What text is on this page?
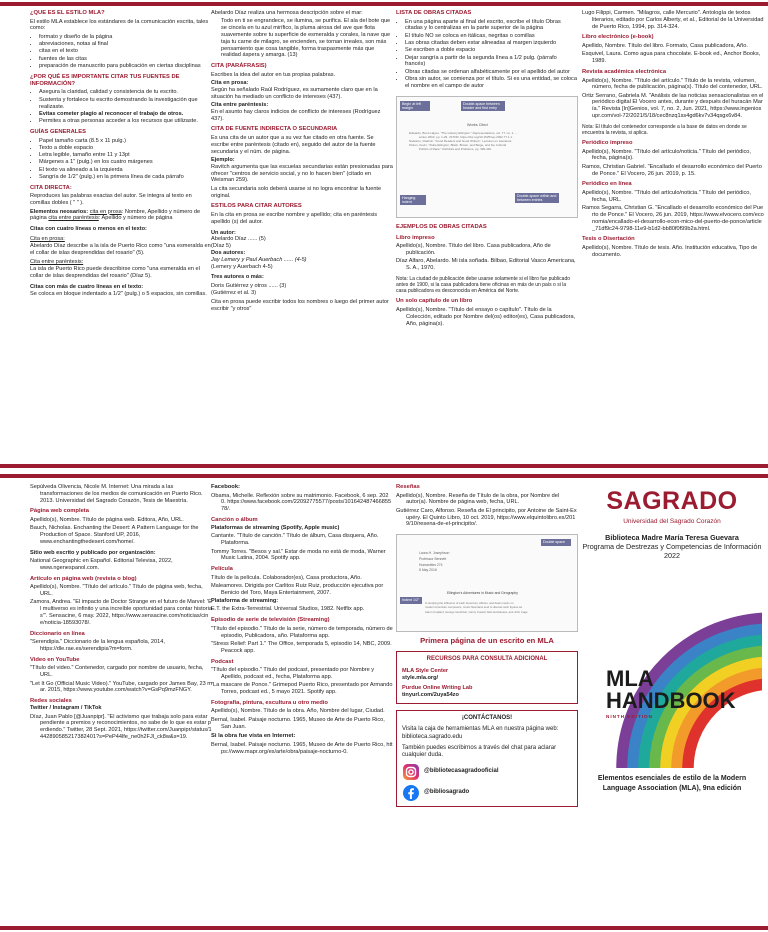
¿QUÉ ES EL ESTILO MLA?

El estilo MLA establece los estándares de la comunicación escrita, tales como:

• formato y diseño de la página
• abreviaciones, notas al final
• citas en el texto
• fuentes de las citas
• preparación de manuscrito para publicación en ciertas disciplinas
¿POR QUÉ ES IMPORTANTE CITAR TUS FUENTES DE INFORMACIÓN?
• Asegura la claridad, calidad y consistencia de tu escrito.
• Sustenta y fortalece tu escrito demostrando la investigación que realizaste.
• Evitas cometer plagio al reconocer el trabajo de otros.
• Permites a otras personas acceder a los recursos que utilizaste.
GUÍAS GENERALES
• Papel tamaño carta (8.5 x 11 pulg.)
• Texto a doble espacio
• Letra legible, tamaño entre 11 y 13pt
• Márgenes a 1" (pulg.) en los cuatro márgenes
• El texto va alineado a la izquierda
• Sangría de 1/2" (pulg.) en la primera línea de cada párrafo
CITA DIRECTA:

Reproduces las palabras exactas del autor. Se integra al texto en comillas dobles ( " " ).

Elementos neosarios: cita en prosa: Nombre, Apellido y número de página cita entre paréntesis: Apellido y número de página

Citas con cuatro líneas o menos en el texto:

Cita en prosa:

Abelardo Díaz describe a la isla de Puerto Rico como "una esmeralda en el collar de islas desprendidas del rosario" (5).

Cita entre paréntesis:

La isla de Puerto Rico puede describirse como "una esmeralda en el collar de islas desprendidas del rosario" (Díaz 5).

Citas con más de cuatro líneas en el texto:

Se coloca en bloque indentado a 1/2" (pulg.) o 5 espacios, sin comillas.

Abelardo Díaz realiza una hermosa descripción sobre el mar:

Todo en ti se engrandece, se ilumina, se purifica. El ala del bote que se cincela en tu azul mirífico, la pluma airosa del ave que flota suavemente sobre tu superficie de esmeralda y corales, la nave que taja tu carne de milagro, se encienden, se tornan irreales, son más pensamiento que cosa tangible, forma traspasmente más que realidad áspera y amarga. (13)

CITA (PARÁFRASIS)

Escribes la idea del autor en tus propias palabras.

Cita en prosa:

Según ha señalado Raúl Rodríguez, es sumamente claro que en la situación ha mediado un conflicto de intereses (437).

Cita entre paréntesis:

En el asunto hay claros indicios de conflicto de intereses (Rodríguez 437).

CITA DE FUENTE INDIRECTA O SECUNDARIA

Es una cita de un autor que a su vez fue citado en otra fuente. Se escribe entre paréntesis (citado en), seguido del autor de la fuente secundaria y el núm. de página.

Ejemplo:

Ravitch argumenta que las escuelas secundarias están presionadas para ofrecer "centros de servicio social, y no lo hacen bien" (citado en Weisman 259).

La cita secundaria solo deberá usarse si no logra encontrar la fuente original.

ESTILOS PARA CITAR AUTORES

En la cita en prosa se escribe nombre y apellido; cita en paréntesis apellido (s) del autor.

Un autor:

Abelardo Díaz ...... (5)

(Díaz 5)

Dos autores:

Jay Lemery y Paul Auerbach ...... (4-5)

(Lemery y Auerbach 4-5)

Tres autores o más:

Doris Gutiérrez y otros ...... (3)

(Gutiérrez et al. 3)

Cita en prosa puede escribir todos los nombres o luego del primer autor escribir "y otros"

LISTA DE OBRAS CITADAS
• En una página aparte al final del escrito, escribe el título Obras citadas y lo centralizas en la parte superior de la página
• El título NO se coloca en itálicas, negritas o comillas
• Las obras citadas deben estar alineadas al margen izquierdo
• Se escriben a doble espacio
• Dejar sangría a partir de la segunda línea a 1/2 pulg. (párrafo francés)
• Obras citadas se ordenan alfabéticamente por el apellido del autor
• Obra sin autor, se comienza por el título. Si es una entidad, se coloca el nombre en el campo de autor
Begin at left margin
Double-space between header and first entry
Works Cited
Edwards, Brent Hayes. "The Literary Ellington." Representations, vol. 77, no. 1, ...
winter 2002, pp. 1-29. JSTOR, https://doi.org/10.1525/rep.2002.77.1.1.
Nabokov, Vladimir. "Good Readers and Good Writers", Lectures on Literature
Petton, Kevin. "Duke Ellington, Black, Brown, and Beige, and the Cultural
Politics of Race." Rethinks and Problems, pp. 399-432.
Hanging indent
Double-space within and between entries
EJEMPLOS DE OBRAS CITADAS
Libro impreso

Apellido(s), Nombre. Título del libro. Casa publicadora, Año de publicación.

Díaz Alfaro, Abelardo. Mi isla soñada. Bilbao, Editorial Vasco Americana, S. A., 1970.

Nota: La ciudad de publicación debe usarse solamente si el libro fue publicado antes de 1900, si la casa publicadora tiene oficinas en más de un país o si la casa publicadora es desconocida en América del Norte.

Un solo capítulo de un libro

Apellido(s), Nombre. "Título del ensayo o capítulo". Título de la Colección, editado por Nombre del(os) editor(es), Casa publicadora, Año, página(s).

Lugo Filippi, Carmen. "Milagros, calle Mercurio". Antología de textos literarios, editado por Carlos Alberty, et al., Editorial de la Universidad de Puerto Rico, 1994, pp. 314-324.

Libro electrónico (e-book)

Apellido, Nombre. Título del libro. Formato, Casa publicadora, Año.

Esquivel, Laura. Como agua para chocolate. E-book ed., Anchor Books, 1989.

Revista académica electrónica

Apellido(s), Nombre. "Título del artículo." Título de la revista, volumen, número, fecha de publicación, página(s). Título del contenedor, URL.

Ortiz Serrano, Gabriela M. "Análisis de las noticias sensacionalistas en el periódico digital El Vocero antes, durante y después del huracán María." Revista [In]Genios, vol. 7, no. 2, Jun. 2021, https://www.ingeniosupr.com/vol-72/2021/5/18/cec8nzq1ss4gd6kv7v34qsgx6v84.

Nota: El título del contenedor corresponde a la base de datos en donde se encuentra la revista, si aplica.

Periódico impreso

Apellido(s), Nombre. "Título del artículo/noticia." Título del periódico, fecha, página(s).

Ramos, Christian Gabriel. "Encallado el desarrollo económico del Puerto de Ponce." El Vocero, 26 jun. 2019, p. 15.

Periódico en línea

Apellido(s), Nombre. "Título del artículo/noticia." Título del periódico, fecha, URL.

Ramos Segarra, Christian G. "Encallado el desarrollo económico del Puerto de Ponce." El Vocero, 26 jun. 2019, https://www.elvocero.com/economia/encallado-el-desarrollo-econ-mico-del-puerto-de-ponce/article_71df9c24-9798-11e9-b1d2-bb80f0f99b2a.html.

Tesis o Disertación

Apellido(s), Nombre. Título de tesis. Año. Institución educativa, Tipo de documento.

Sepúlveda Olivencia, Nicole M. Internet: Una mirada a las transformaciones de los medios de comunicación en Puerto Rico. 2013. Universidad del Sagrado Corazón, Tesis de Maestría.

Página web completa

Apellido(s), Nombre. Título de página web. Editora, Año, URL.

Bauch, Nicholas. Enchanting the Desert: A Pattern Language for the Production of Space. Stanford UP, 2016, www.enchantingthedesert.com/home/.

Sitio web escrito y publicado por organización:

National Geographic en Español. Editorial Televisa, 2022, www.ngenespanol.com.

Artículo en página web (revista o blog)

Apellido(s), Nombre. "Título del artículo." Título de página web, fecha, URL.

Zamora, Andrea. "El impacto de Doctor Strange en el futuro de Marvel: 'El multiverso es infinito y una increíble oportunidad para contar historias'". Sensacine, 6 may. 2022, https://www.sensacine.com/noticias/cine/noticia-18593078/.

Diccionario en línea

"Serendipia." Diccionario de la lengua española, 2014, https://dle.rae.es/serendipia?m=form.

Video en YouTube

"Título del video." Contenedor, cargado por nombre de usuario, fecha, URL.

"Let It Go (Official Music Video)." YouTube, cargado por James Bay, 23 mar. 2015, https://www.youtube.com/watch?v=GsPq9mzFNGY.

Redes sociales

Twitter / Instagram / TikTok

Díaz, Juan Pablo [@Juanpipr]. "El activismo que trabaja solo para estar pendiente a premios y reconocimientos, no sabe de lo que es estar perdiendo." Twitter, 28 Sept. 2021, https://twitter.com/Juanpipr/status/1442890585217382401?s=PeP44lfe_ne0h2FJl_ck8w&s=19.

Facebook:

Obama, Michelle. Reflexión sobre su matrimonio. Facebook, 6 sep. 2020. https://www.facebook.com/22092775577/posts/10164248746685578/.

Canción o álbum

Plataformas de streaming (Spotify, Apple music)

Cantante. "Título de canción." Título de álbum, Casa disquera, Año. Plataforma.

Tommy Torres. "Besos y sal." Estar de moda no está de moda, Warner Music Latina, 2004. Spotify app.

Película

Título de la película. Colaborador(es), Casa productora, Año.

Maleamores. Dirigida por Carlitos Ruiz Ruiz, producción ejecutiva por Benicio del Toro, Maya Entertainment, 2007.

Plataforma de streaming:

E.T. the Extra-Terrestrial. Universal Studios, 1982. Netflix app.

Episodio de serie de televisión (Streaming)

"Título del episodio." Título de la serie, número de temporada, número de episodio, Publicadora, año. Plataforma app.

"Stress Relief: Part 1." The Office, temporada 5, episodio 14, NBC, 2009. Peacock app.

Podcast

"Título del episodio." Título del podcast, presentado por Nombre y Apellido, podcast ed., fecha, Plataforma app.

"La mascare de Ponce." Grimepod Puerto Rico, presentado por Armando Torres, podcast ed., 5 mayo 2021. Spotify app.

Fotografía, pintura, escultura u otro medio

Apellido(s), Nombre. Título de la obra. Año, Nombre del lugar, Ciudad.

Bernal, Isabel. Paisaje nocturno. 1965, Museo de Arte de Puerto Rico, San Juan.

Si la obra fue vista en Internet:

Bernal, Isabel. Paisaje nocturno. 1965, Museo de Arte de Puerto Rico, https://www.mapr.org/es/arte/obra/paisaje-nocturno-0.

Reseñas

Apellido(s), Nombre. Reseña de Título de la obra, por Nombre del autor(a). Nombre de página web, fecha, URL.

Gutiérrez Caro, Alfonso. Reseña de El principito, por Antoine de Saint-Exupéry. El Quinto Libro, 10 oct. 2019, https://www.elquintolibro.es/2019/10/resena-de-el-principito/.

Double space
Laura H. Josephson
Professor Bennett
Humanities 274
8 May 2016
Ellington's Adventures in Music and Geography
Indent 1/2"
In studying the influence of Latin American, African, and Asian music on
modern American composers, music historians tend to discuss such figures as
Aaron Copland, George Gershwin, Henry Cowell, Alan Hovhaness, and John Cage
Primera página de un escrito en MLA
RECURSOS PARA CONSULTA ADICIONAL

MLA Style Center

style.mla.org/

Purdue Online Writing Lab

tinyurl.com/2uya54zo

¡CONTÁCTANOS!

Visita la caja de herramientas MLA en nuestra página web: biblioteca.sagrado.edu

También puedes escribirnos a través del chat para aclarar cualquier duda.

@bibliotecasagradooficial
@bibliosagrado
SAGRADO
Universidad del Sagrado Corazón
Biblioteca Madre María Teresa Guevara
Programa de Destrezas y Competencias de Información
2022
MLA
HANDBOOK
NINTH EDITION
Elementos esenciales de estilo de la Modern Language Association (MLA), 9na edición
